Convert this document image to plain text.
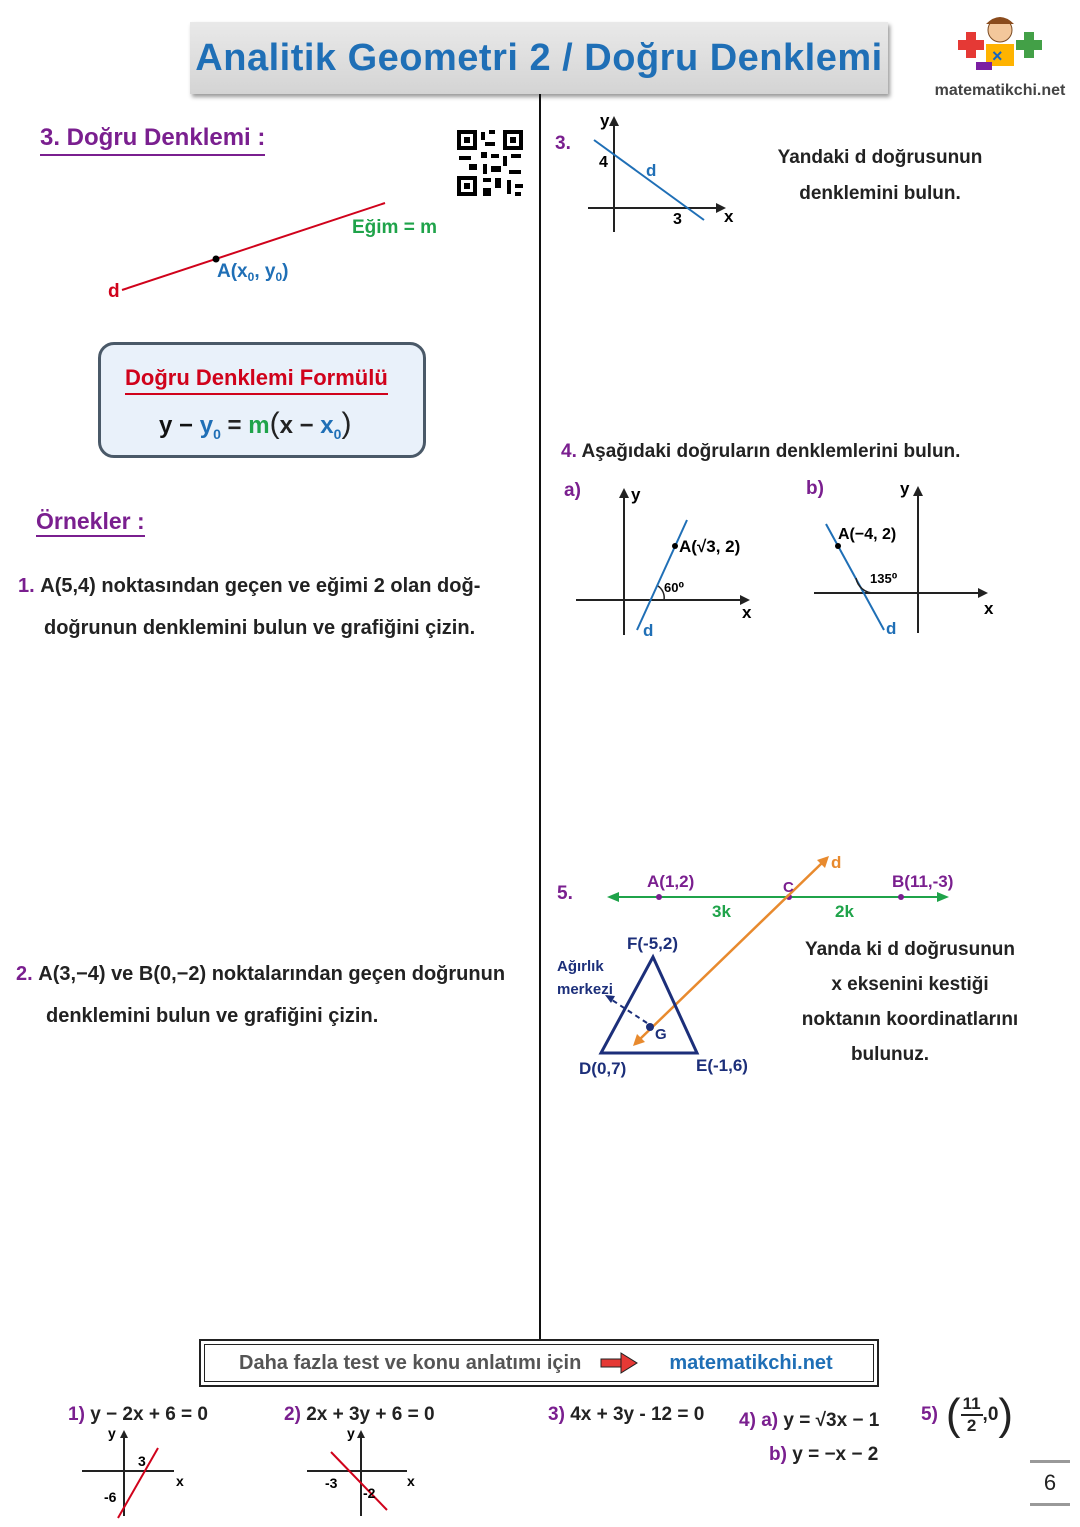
Analitik Geometri 2 / Doğru Denklemi	×
matematikchi.net
3. Doğru Denklemi :
d
Eğim = m
$A(x_0$, $y_0$)
Doğru Denklemi Formülü
$y - y_0 = m(x - x_0)$
Örnekler :
1. A(5,4) noktasından geçen ve eğimi 2 olan doğ-
doğrunun denklemini bulun ve grafiğini çizin.
2. A(3,−4) ve B(0,−2) noktalarından geçen doğrunun
denklemini bulun ve grafiğini çizin.
3.
y
x
4
3
d
Yandaki d doğrusunun
denklemini bulun.
4. Aşağıdaki doğruların denklemlerini bulun.
a)	b)
y
x
A(√3, 2)
60⁰
d
y
x
A(−4, 2)
135⁰
d
5.
A(1,2)	C	B(11,-3)
3k	2k
d
F(-5,2)
D(0,7)	E(-1,6)
G
Ağırlık
merkezi
Yanda ki d doğrusunun
x eksenini kestiği
noktanın koordinatlarını
bulunuz.
Daha fazla test ve konu anlatımı için	matematikchi.net
1) y − 2x + 6 = 0
y
x
3
-6
2) 2x + 3y + 6 = 0
y
x
-3
-2
3) 4x + 3y - 12 = 0 4) a) y = √3x − 1
b) y = −x − 2
5) ( $\frac{11}{2} ,0$ )
6
